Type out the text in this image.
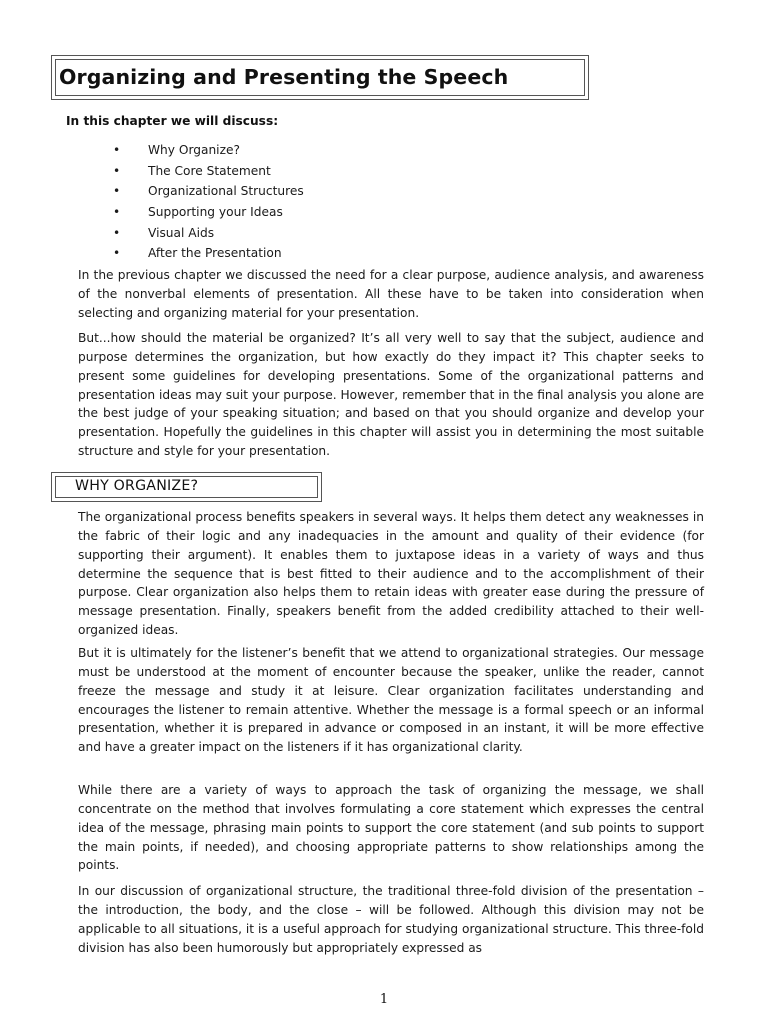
Organizing and Presenting the Speech
In this chapter we will discuss:
• Why Organize?
• The Core Statement
• Organizational Structures
• Supporting your Ideas
• Visual Aids
• After the Presentation

In the previous chapter we discussed the need for a clear purpose, audience analysis, and awareness of the nonverbal elements of presentation. All these have to be taken into consideration when selecting and organizing material for your presentation.

But...how should the material be organized? It’s all very well to say that the subject, audience and purpose determines the organization, but how exactly do they impact it? This chapter seeks to present some guidelines for developing presentations. Some of the organizational patterns and presentation ideas may suit your purpose. However, remember that in the final analysis you alone are the best judge of your speaking situation; and based on that you should organize and develop your presentation. Hopefully the guidelines in this chapter will assist you in determining the most suitable structure and style for your presentation.

WHY ORGANIZE?

The organizational process benefits speakers in several ways. It helps them detect any weaknesses in the fabric of their logic and any inadequacies in the amount and quality of their evidence (for supporting their argument). It enables them to juxtapose ideas in a variety of ways and thus determine the sequence that is best fitted to their audience and to the accomplishment of their purpose. Clear organization also helps them to retain ideas with greater ease during the pressure of message presentation. Finally, speakers benefit from the added credibility attached to their well-organized ideas.

But it is ultimately for the listener’s benefit that we attend to organizational strategies. Our message must be understood at the moment of encounter because the speaker, unlike the reader, cannot freeze the message and study it at leisure. Clear organization facilitates understanding and encourages the listener to remain attentive. Whether the message is a formal speech or an informal presentation, whether it is prepared in advance or composed in an instant, it will be more effective and have a greater impact on the listeners if it has organizational clarity.

While there are a variety of ways to approach the task of organizing the message, we shall concentrate on the method that involves formulating a core statement which expresses the central idea of the message, phrasing main points to support the core statement (and sub points to support the main points, if needed), and choosing appropriate patterns to show relationships among the points.

In our discussion of organizational structure, the traditional three-fold division of the presentation – the introduction, the body, and the close – will be followed. Although this division may not be applicable to all situations, it is a useful approach for studying organizational structure. This three-fold division has also been humorously but appropriately expressed as

1
